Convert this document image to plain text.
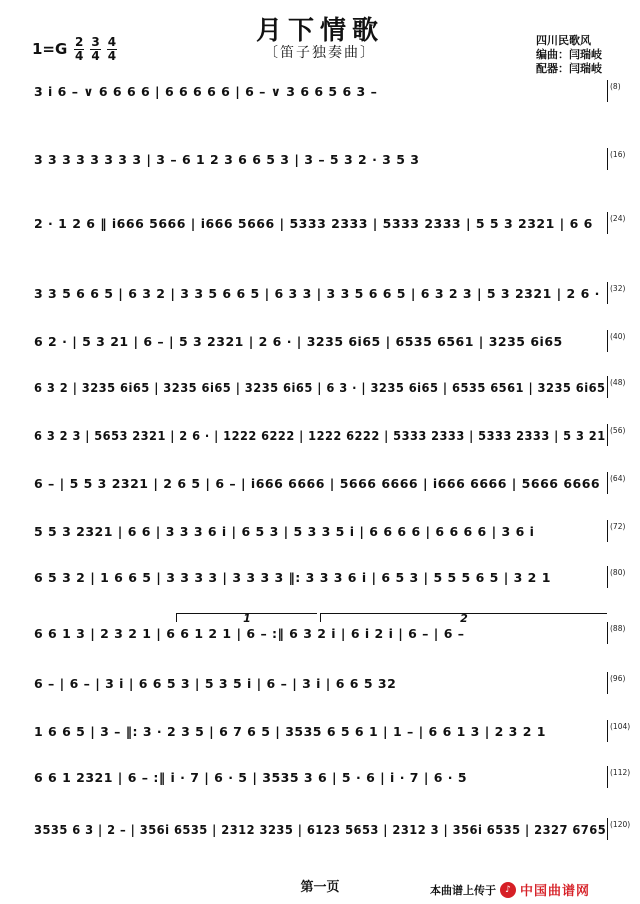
月下情歌
〔笛子独奏曲〕
$1=G \frac{2}{4} \frac{3}{4} \frac{4}{4}$	四川民歌风
编曲：闫瑞岐
配器：闫瑞岐
3 i 6 – ∨ 6 6 6 6 | 6 6 6 6 6 | 6 – ∨ 3 6 6 5 6 3 –	(8)
3 3 3 3 3 3 3 3 | 3 – 6 1 2 3 6 6 5 3 | 3 – 5 3 2 · 3 5 3	(16)
2 · 1 2 6 ‖ i666 5666 | i666 5666 | 5333 2333 | 5333 2333 | 5 5 3 2321 | 6 6 (24)
3 3 5 6 6 5 | 6 3 2 | 3 3 5 6 6 5 | 6 3 3 | 3 3 5 6 6 5 | 6 3 2 3 | 5 3 2321 | 2 6 · (32)
6 2 · | 5 3 21 | 6 – | 5 3 2321 | 2 6 · | 3235 6i65 | 6535 6561 | 3235 6i65	(40)
6 3 2 | 3235 6i65 | 3235 6i65 | 3235 6i65 | 6 3 · | 3235 6i65 | 6535 6561 | 3235 6i65 (48)
6 3 2 3 | 5653 2321 | 2 6 · | 1222 6222 | 1222 6222 | 5333 2333 | 5333 2333 | 5 3 21 (56)
6 – | 5 5 3 2321 | 2 6 5 | 6 – | i666 6666 | 5666 6666 | i666 6666 | 5666 6666 (64)
5 5 3 2321 | 6 6 | 3 3 3 6 i | 6 5 3 | 5 3 3 5 i | 6 6 6 6 | 6 6 6 6 | 3 6 i	(72)
6 5 3 2 | 1 6 6 5 | 3 3 3 3 | 3 3 3 3 ‖: 3 3 3 6 i | 6 5 3 | 5 5 5 6 5 | 3 2 1	(80)
6 6 1 3 | 2 3 2 1 | 6 6 1 2 1 | 6 – :‖ 6 3 2 i | 6 i 2 i | 6 – | 6 –	(88)
6 – | 6 – | 3 i | 6 6 5 3 | 5 3 5 i | 6 – | 3 i | 6 6 5 32	(96)
1 6 6 5 | 3 – ‖: 3 · 2 3 5 | 6 7 6 5 | 3535 6 5 6 1 | 1 – | 6 6 1 3 | 2 3 2 1	(104)
6 6 1 2321 | 6 – :‖ i · 7 | 6 · 5 | 3535 3 6 | 5 · 6 | i · 7 | 6 · 5	(112)
3535 6 3 | 2 – | 356i 6535 | 2312 3235 | 6123 5653 | 2312 3 | 356i 6535 | 2327 6765 (120)
1	2
第一页	本曲谱上传于	♪ 中国曲谱网
